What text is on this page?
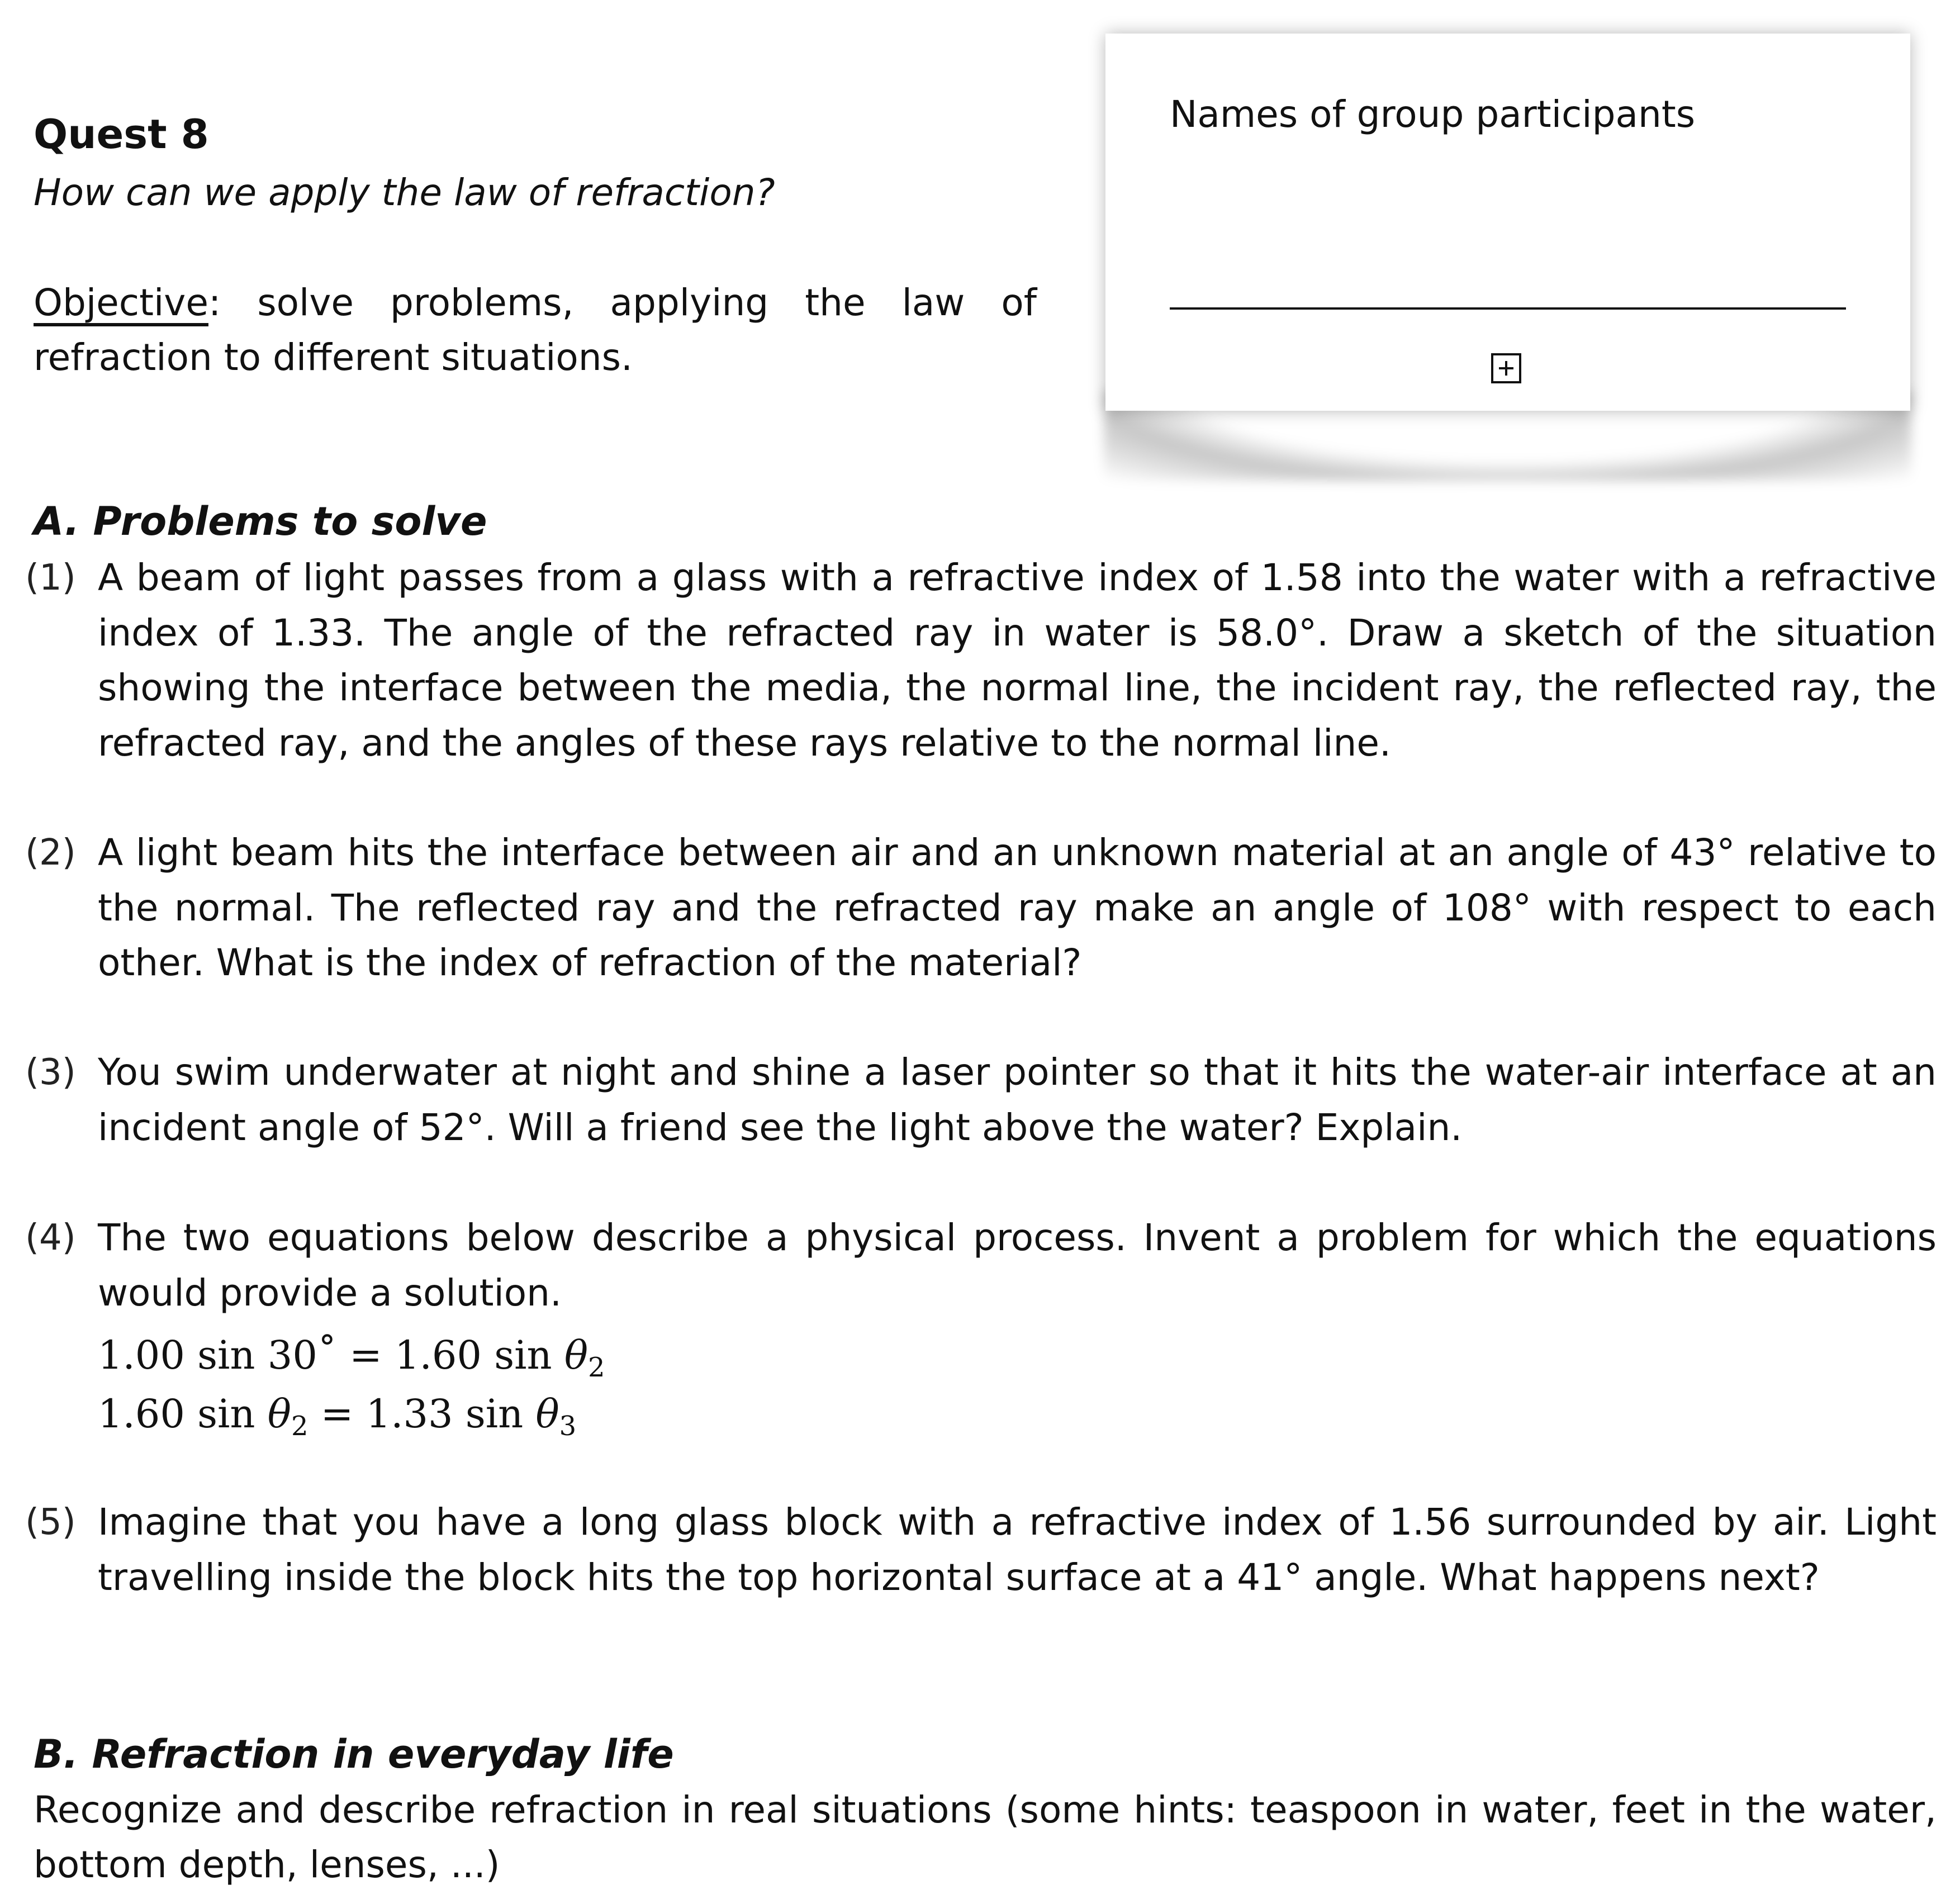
Quest 8
How can we apply the law of refraction?
Objective: solve problems, applying the law of refraction to different situations.
Names of group participants
A. Problems to solve
(1) A beam of light passes from a glass with a refractive index of 1.58 into the water with a refractive index of 1.33. The angle of the refracted ray in water is 58.0°. Draw a sketch of the situation showing the interface between the media, the normal line, the incident ray, the reflected ray, the refracted ray, and the angles of these rays relative to the normal line.
(2) A light beam hits the interface between air and an unknown material at an angle of 43° relative to the normal. The reflected ray and the refracted ray make an angle of 108° with respect to each other. What is the index of refraction of the material?
(3) You swim underwater at night and shine a laser pointer so that it hits the water-air interface at an incident angle of 52°. Will a friend see the light above the water? Explain.
(4) The two equations below describe a physical process. Invent a problem for which the equations would provide a solution.
1.00 sin 30˚ = 1.60 $\sin \theta_2$
1.60 $\sin \theta_2 = 1.33$ $\sin \theta_3$
(5) Imagine that you have a long glass block with a refractive index of 1.56 surrounded by air. Light travelling inside the block hits the top horizontal surface at a 41° angle. What happens next?
B. Refraction in everyday life
Recognize and describe refraction in real situations (some hints: teaspoon in water, feet in the water, bottom depth, lenses, ...)
